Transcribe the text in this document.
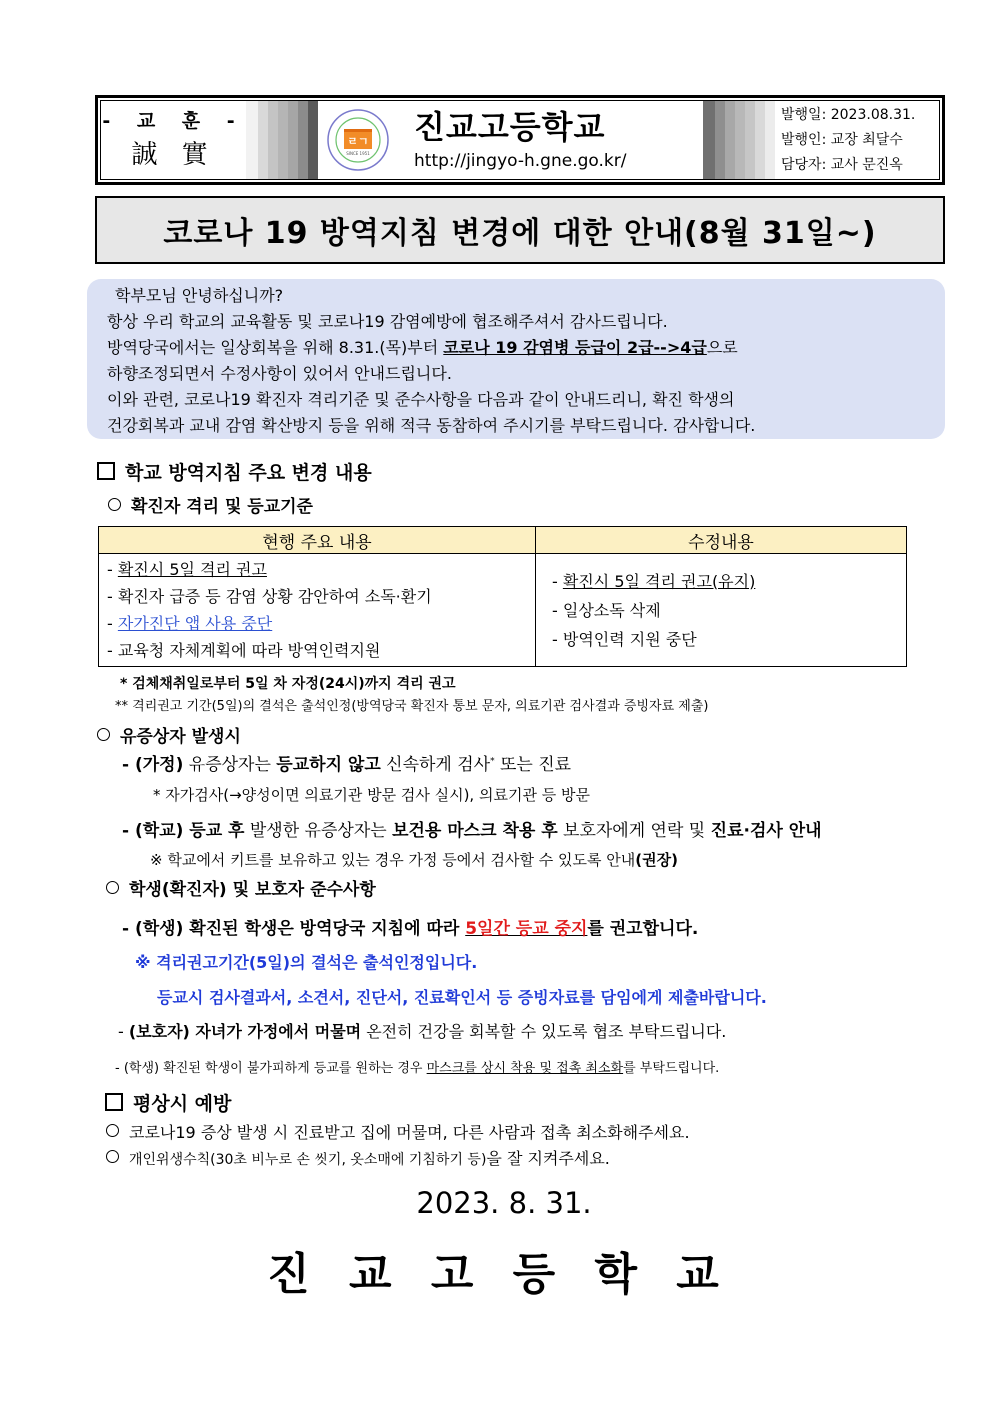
- 교 훈 -
誠 實	ㄹㄱ
SINCE 1951
진교고등학교
http://jingyo-h.gne.go.kr/
발행일: 2023.08.31.
발행인: 교장 최달수
담당자: 교사 문진옥
코로나 19 방역지침 변경에 대한 안내(8월 31일~)

학부모님 안녕하십니까?

항상 우리 학교의 교육활동 및 코로나19 감염예방에 협조해주셔서 감사드립니다.

방역당국에서는 일상회복을 위해 8.31.(목)부터 코로나 19 감염병 등급이 2급-->4급으로

하향조정되면서 수정사항이 있어서 안내드립니다.

이와 관련, 코로나19 확진자 격리기준 및 준수사항을 다음과 같이 안내드리니, 확진 학생의

건강회복과 교내 감염 확산방지 등을 위해 적극 동참하여 주시기를 부탁드립니다. 감사합니다.

학교 방역지침 주요 변경 내용
확진자 격리 및 등교기준
현행 주요 내용	수정내용

- 확진시 5일 격리 권고
- 확진자 급증 등 감염 상황 감안하여 소독·환기
- 자가진단 앱 사용 중단
- 교육청 자체계획에 따라 방역인력지원

- 확진시 5일 격리 권고(유지)
- 일상소독 삭제
- 방역인력 지원 중단
* 검체채취일로부터 5일 차 자정(24시)까지 격리 권고
** 격리권고 기간(5일)의 결석은 출석인정(방역당국 확진자 통보 문자, 의료기관 검사결과 증빙자료 제출)
유증상자 발생시
- (가정) 유증상자는 등교하지 않고 신속하게 검사* 또는 진료
* 자가검사(→양성이면 의료기관 방문 검사 실시), 의료기관 등 방문
- (학교) 등교 후 발생한 유증상자는 보건용 마스크 착용 후 보호자에게 연락 및 진료·검사 안내
※ 학교에서 키트를 보유하고 있는 경우 가정 등에서 검사할 수 있도록 안내(권장)
학생(확진자) 및 보호자 준수사항
- (학생) 확진된 학생은 방역당국 지침에 따라 5일간 등교 중지를 권고합니다.
※ 격리권고기간(5일)의 결석은 출석인정입니다.
등교시 검사결과서, 소견서, 진단서, 진료확인서 등 증빙자료를 담임에게 제출바랍니다.
- (보호자) 자녀가 가정에서 머물며 온전히 건강을 회복할 수 있도록 협조 부탁드립니다.
- (학생) 확진된 학생이 불가피하게 등교를 원하는 경우 마스크를 상시 착용 및 접촉 최소화를 부탁드립니다.
평상시 예방
코로나19 증상 발생 시 진료받고 집에 머물며, 다른 사람과 접촉 최소화해주세요.
개인위생수칙(30초 비누로 손 씻기, 옷소매에 기침하기 등)을 잘 지켜주세요.
2023. 8. 31.
진 교 고 등 학 교
